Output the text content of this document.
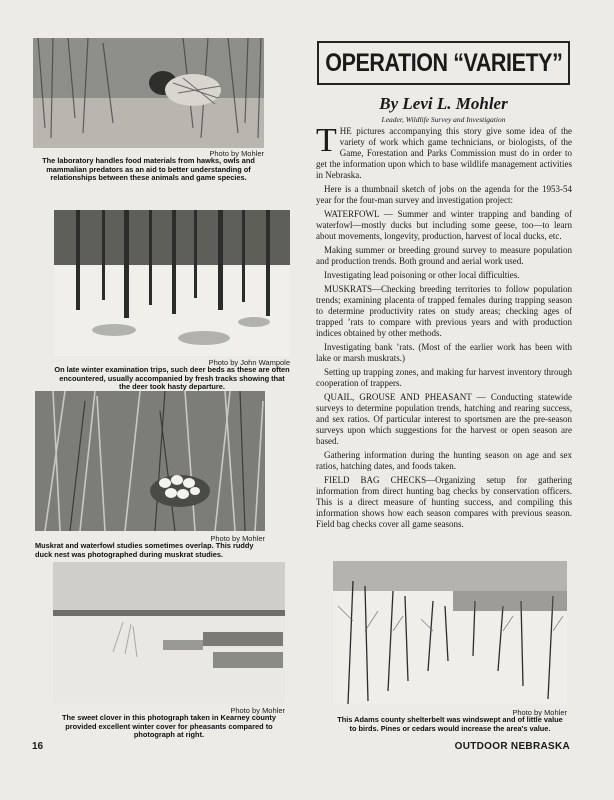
Photo by Mohler
The laboratory handles food materials from hawks, owls and mammalian predators as an aid to better understanding of relationships between these animals and game species.
Photo by John Wampole
On late winter examination trips, such deer beds as these are often encountered, usually accompanied by fresh tracks showing that the deer took hasty departure.
Photo by Mohler
Muskrat and waterfowl studies sometimes overlap. This ruddy duck nest was photographed during muskrat studies.
Photo by Mohler
The sweet clover in this photograph taken in Kearney county provided excellent winter cover for pheasants compared to photograph at right.
Photo by Mohler
This Adams county shelterbelt was windswept and of little value to birds. Pines or cedars would increase the area's value.
OPERATION “VARIETY”
By Levi L. Mohler
Leader, Wildlife Survey and Investigation

THE pictures accompanying this story give some idea of the variety of work which game technicians, or biologists, of the Game, Forestation and Parks Commission must do in order to get the information upon which to base wildlife management activities in Nebraska.

Here is a thumbnail sketch of jobs on the agenda for the 1953-54 year for the four-man survey and investigation project:

WATERFOWL — Summer and winter trapping and banding of waterfowl—mostly ducks but including some geese, too—to learn about movements, longevity, production, harvest of local ducks, etc.

Making summer or breeding ground survey to measure population and production trends. Both ground and aerial work used.

Investigating lead poisoning or other local difficulties.

MUSKRATS—Checking breeding territories to follow population trends; examining placenta of trapped females during trapping season to determine productivity rates on study areas; checking ages of trapped ’rats to compare with previous years and with production indices obtained by other methods.

Investigating bank ’rats. (Most of the earlier work has been with lake or marsh muskrats.)

Setting up trapping zones, and making fur harvest inventory through cooperation of trappers.

QUAIL, GROUSE AND PHEASANT — Conducting statewide surveys to determine population trends, hatching and rearing success, and sex ratios. Of particular interest to sportsmen are the pre-season surveys upon which suggestions for the harvest or open season are based.

Gathering information during the hunting season on age and sex ratios, hatching dates, and foods taken.

FIELD BAG CHECKS—Organizing setup for gathering information from direct hunting bag checks by conservation officers. This is a direct measure of hunting success, and compiling this information shows how each season compares with previous season. Field bag checks cover all game seasons.

16	OUTDOOR NEBRASKA
